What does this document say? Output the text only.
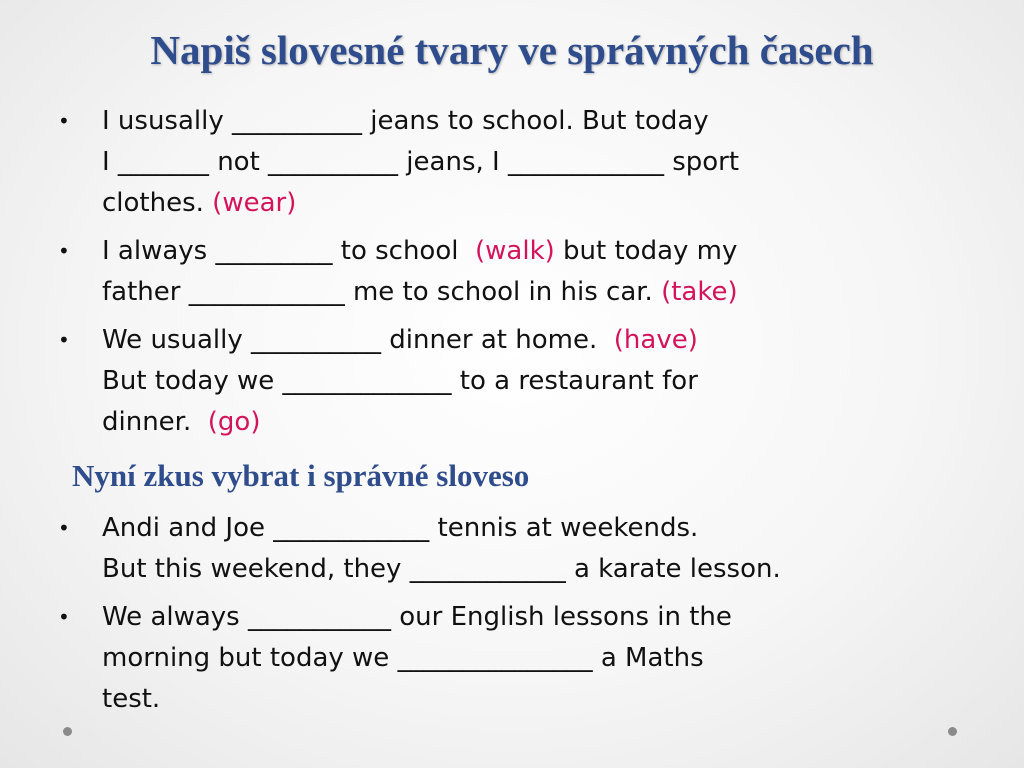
Napiš slovesné tvary ve správných časech
• I ususally __________ jeans to school. But today
I _______ not __________ jeans, I ____________ sport
clothes. (wear)
• I always _________ to school (walk) but today my
father ____________ me to school in his car. (take)
• We usually __________ dinner at home. (have)
But today we _____________ to a restaurant for
dinner. (go)
Nyní zkus vybrat i správné sloveso
• Andi and Joe ____________ tennis at weekends.
But this weekend, they ____________ a karate lesson.
• We always ___________ our English lessons in the
morning but today we _______________ a Maths
test.
